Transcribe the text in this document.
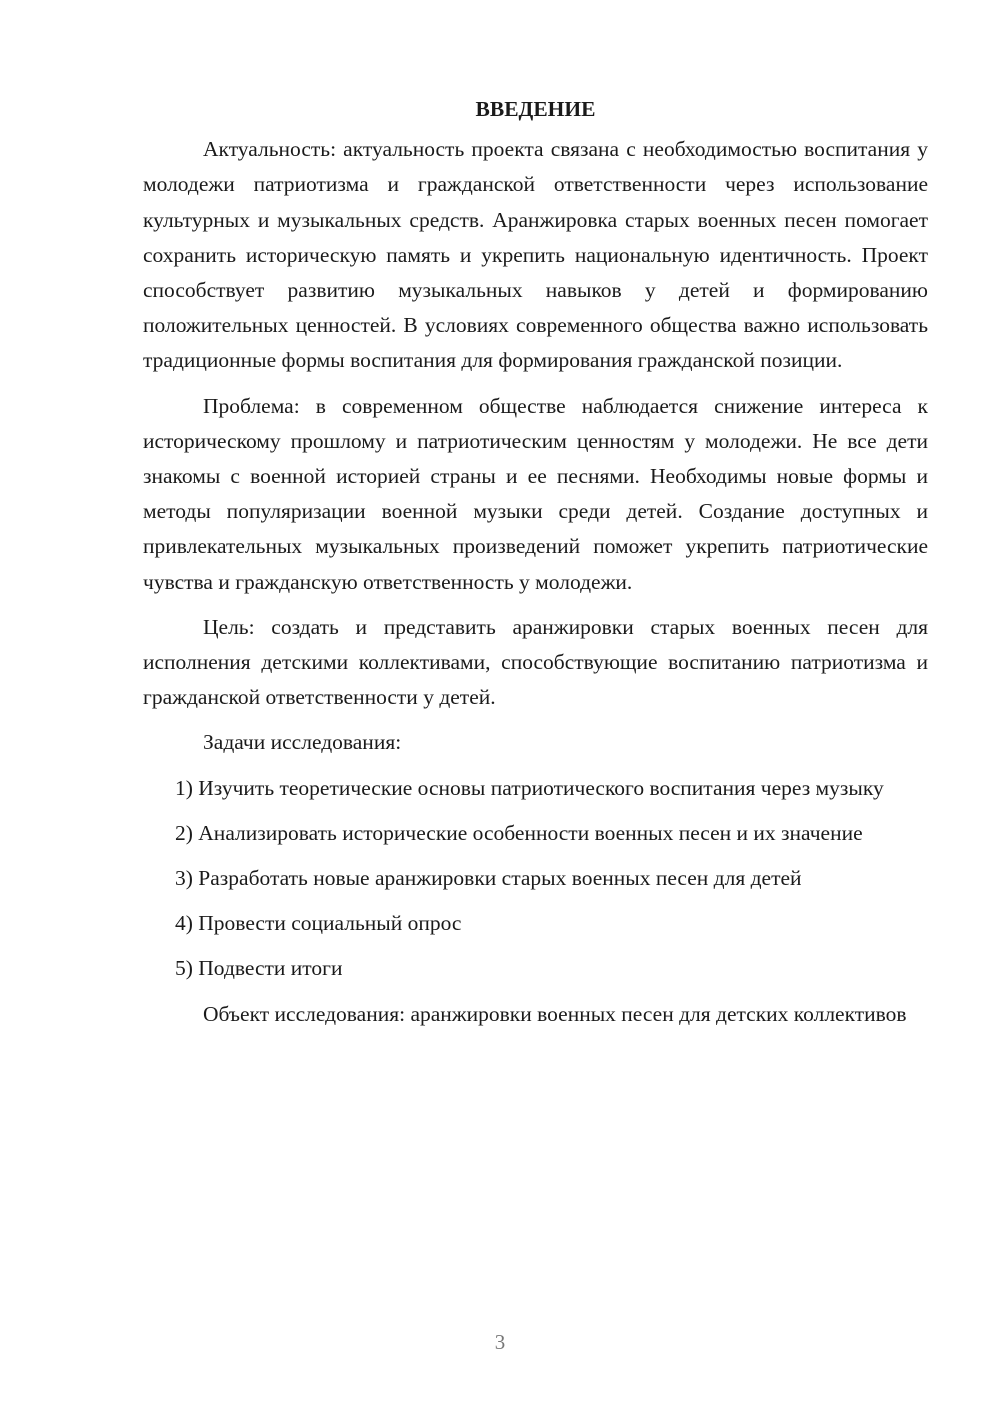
ВВЕДЕНИЕ

Актуальность: актуальность проекта связана с необходимостью воспитания у молодежи патриотизма и гражданской ответственности через использование культурных и музыкальных средств. Аранжировка старых военных песен помогает сохранить историческую память и укрепить национальную идентичность. Проект способствует развитию музыкальных навыков у детей и формированию положительных ценностей. В условиях современного общества важно использовать традиционные формы воспитания для формирования гражданской позиции.

Проблема: в современном обществе наблюдается снижение интереса к историческому прошлому и патриотическим ценностям у молодежи. Не все дети знакомы с военной историей страны и ее песнями. Необходимы новые формы и методы популяризации военной музыки среди детей. Создание доступных и привлекательных музыкальных произведений поможет укрепить патриотические чувства и гражданскую ответственность у молодежи.

Цель: создать и представить аранжировки старых военных песен для исполнения детскими коллективами, способствующие воспитанию патриотизма и гражданской ответственности у детей.

Задачи исследования:

1) Изучить теоретические основы патриотического воспитания через музыку

2) Анализировать исторические особенности военных песен и их значение

3) Разработать новые аранжировки старых военных песен для детей

4) Провести социальный опрос

5) Подвести итоги

Объект исследования: аранжировки военных песен для детских коллективов

3
